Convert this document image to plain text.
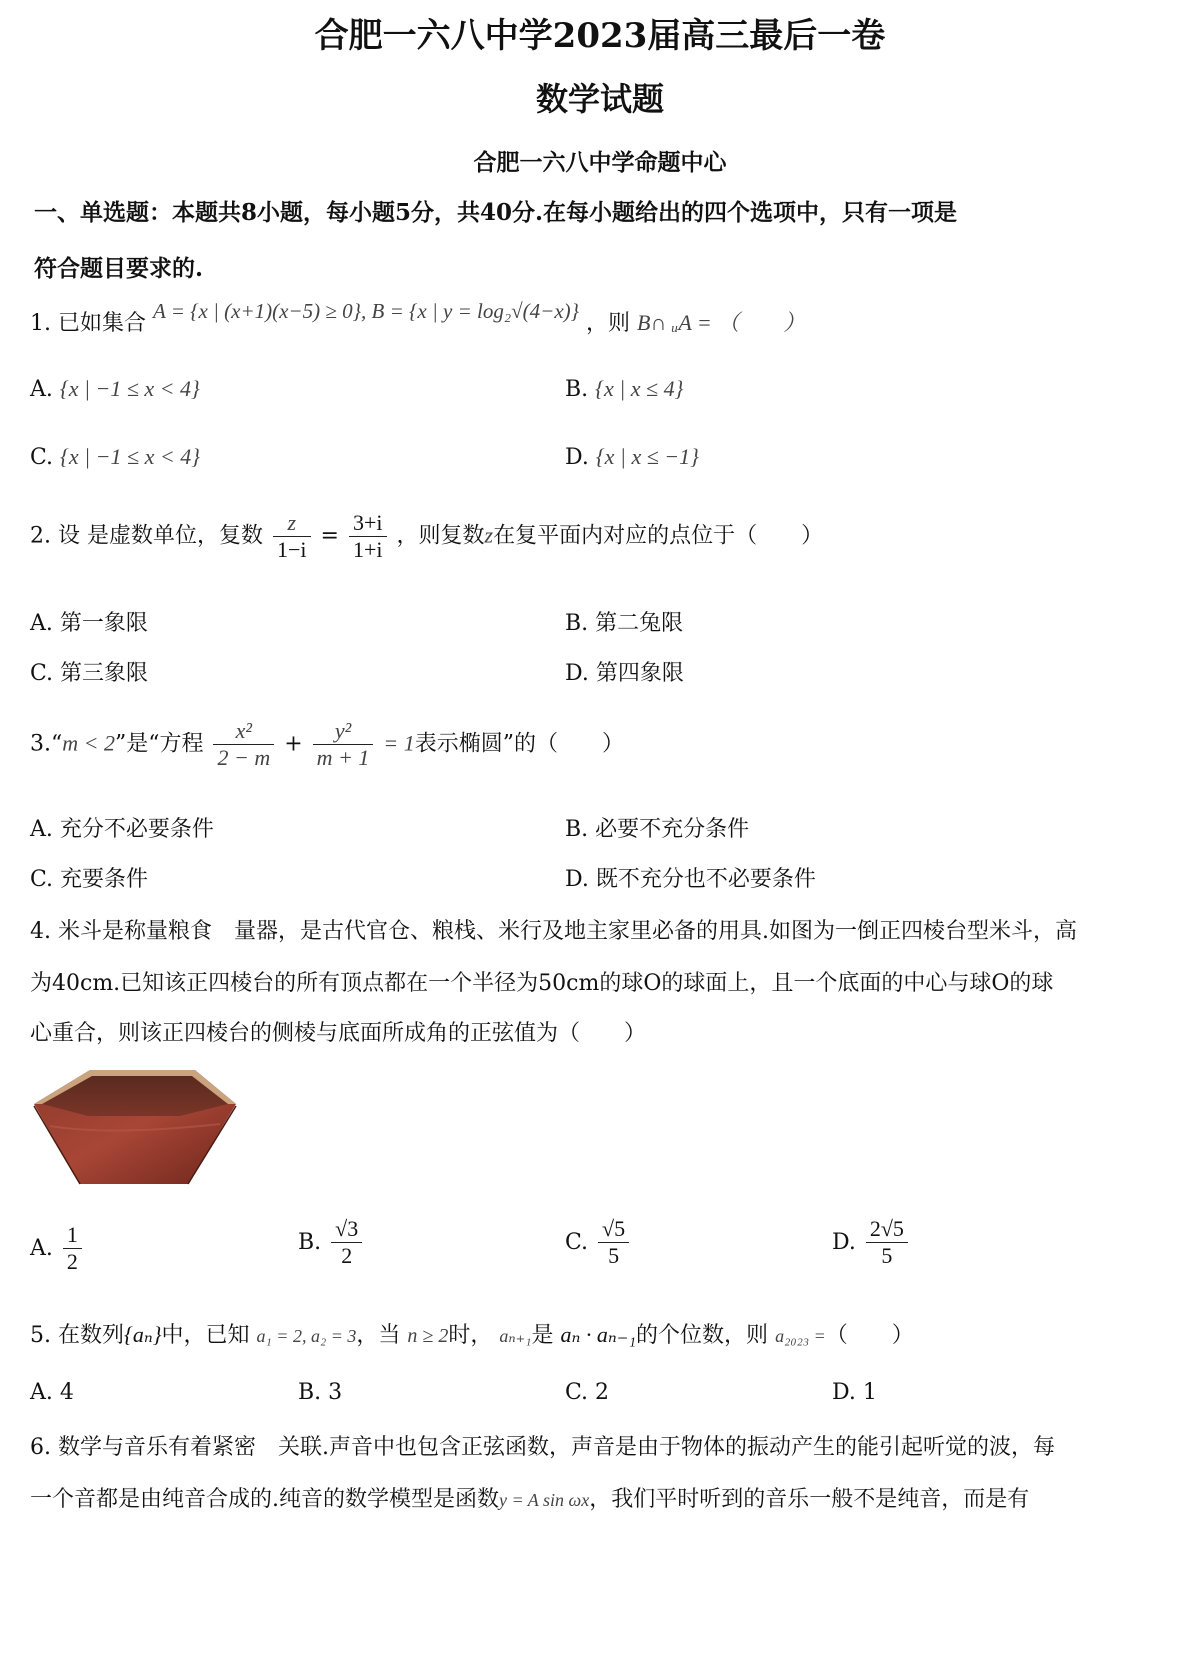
合肥一六八中学2023届高三最后一卷
数学试题
合肥一六八中学命题中心
一、单选题：本题共8小题，每小题5分，共40分.在每小题给出的四个选项中，只有一项是
符合题目要求的.
1. 已如集合 A = {x | (x+1)(x−5) ≥ 0}, B = {x | y = log₂√(4−x)} ，则 B∩ ᵤA = （　　）
A. {x | −1 ≤ x < 4}	B. {x | x ≤ 4}
C. {x | −1 ≤ x < 4}	D. {x | x ≤ −1}
2. 设 是虚数单位，复数 $\frac{z}{1-i} = \frac{3+i}{1+i}$ ，则复数z在复平面内对应的点位于（　　）
A. 第一象限	B. 第二兔限
C. 第三象限	D. 第四象限
3.“m < 2”是“方程 $\frac{\text{x²}}{2 - m} + \frac{\text{y²}}{m + 1} = 1$表示椭圆”的（　　）
A. 充分不必要条件	B. 必要不充分条件
C. 充要条件	D. 既不充分也不必要条件
4. 米斗是称量粮食　量器，是古代官仓、粮栈、米行及地主家里必备的用具.如图为一倒正四棱台型米斗，高
为40cm.已知该正四棱台的所有顶点都在一个半径为50cm的球O的球面上，且一个底面的中心与球O的球
心重合，则该正四棱台的侧棱与底面所成角的正弦值为（　　）
A. $\frac{1}{2}$	B. $\frac{√3}{2}$	C. $\frac{√5}{5}$	D. $\frac{2√5}{5}$
5. 在数列{aₙ}中，已知 a₁ = 2, a₂ = 3，当 n ≥ 2时， aₙ₊₁是 aₙ · aₙ₋₁的个位数，则 a₂₀₂₃ =（　　）
A. 4	B. 3	C. 2	D. 1
6. 数学与音乐有着紧密　关联.声音中也包含正弦函数，声音是由于物体的振动产生的能引起听觉的波，每
一个音都是由纯音合成的.纯音的数学模型是函数y = A sin ωx，我们平时听到的音乐一般不是纯音，而是有
